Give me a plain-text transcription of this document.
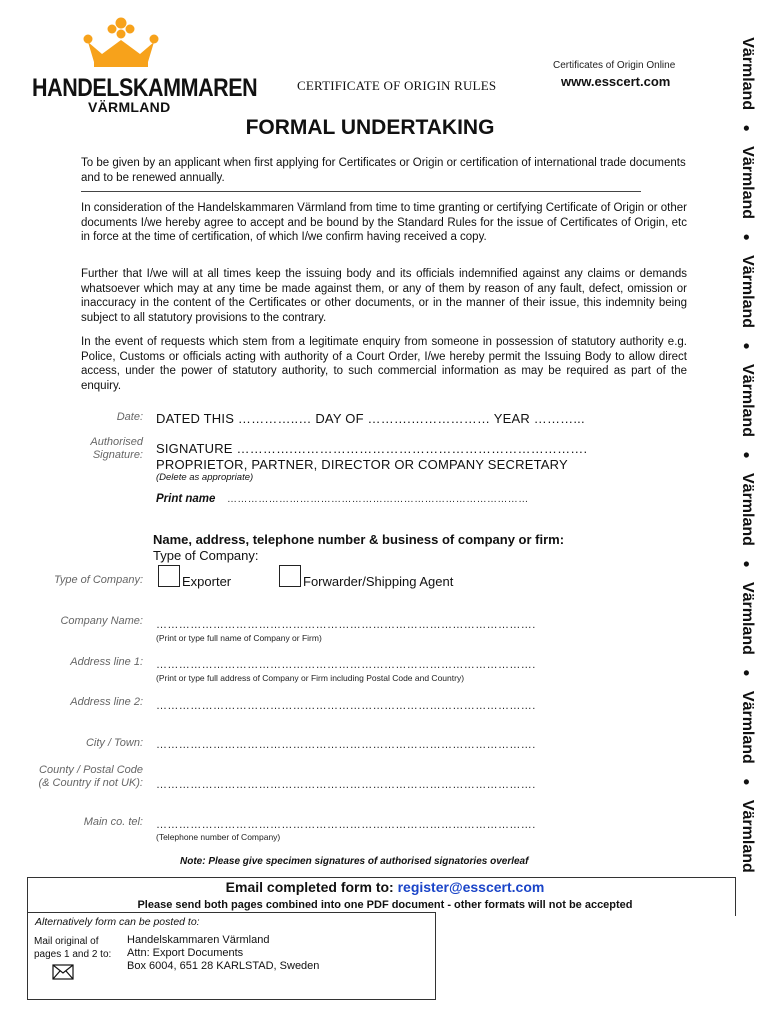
HANDELSKAMMAREN
VÄRMLAND
CERTIFICATE OF ORIGIN RULES
Certificates of Origin Online
www.esscert.com
FORMAL UNDERTAKING
To be given by an applicant when first applying for Certificates or Origin or certification of international trade documents and to be renewed annually.
In consideration of the Handelskammaren Värmland from time to time granting or certifying Certificate of Origin or other documents I/we hereby agree to accept and be bound by the Standard Rules for the issue of Certificates of Origin, etc in force at the time of certification, of which I/we confirm having received a copy.
Further that I/we will at all times keep the issuing body and its officials indemnified against any claims or demands whatsoever which may at any time be made against them, or any of them by reason of any fault, defect, omission or inaccuracy in the content of the Certificates or other documents, or in the manner of their issue, this indemnity being subject to all statutory provisions to the contrary.
In the event of requests which stem from a legitimate enquiry from someone in possession of statutory authority e.g. Police, Customs or officials acting with authority of a Court Order, I/we hereby permit the Issuing Body to allow direct access, under the power of statutory authority, to such commercial information as may be required as part of the enquiry.
Date: DATED THIS …………..… DAY OF ……….……………… YEAR ………...
Authorised
Signature: SIGNATURE ………….………………………………………………………….
PROPRIETOR, PARTNER, DIRECTOR OR COMPANY SECRETARY
(Delete as appropriate)
Print name ……………………………………………………………………………
Name, address, telephone number & business of company or firm:
Type of Company:
Type of Company:	Exporter	Forwarder/Shipping Agent
Company Name: ……………………………………………………………………………………….
(Print or type full name of Company or Firm)
Address line 1: ……………………………………………………………………………………….
(Print or type full address of Company or Firm including Postal Code and Country)
Address line 2: ……………………………………………………………………………………….
City / Town: ……………………………………………………………………………………….
County / Postal Code
(& Country if not UK): ……………………………………………………………………………………….
Main co. tel: ……………………………………………………………………………………….
(Telephone number of Company)
Note: Please give specimen signatures of authorised signatories overleaf
Värmland
●
Värmland
●
Värmland
●
Värmland
●
Värmland
●
Värmland
●
Värmland
●
Värmland
Email completed form to: register@esscert.com
Please send both pages combined into one PDF document - other formats will not be accepted
Alternatively form can be posted to:
Mail original of
pages 1 and 2 to:
Handelskammaren Värmland
Attn: Export Documents
Box 6004, 651 28 KARLSTAD, Sweden
